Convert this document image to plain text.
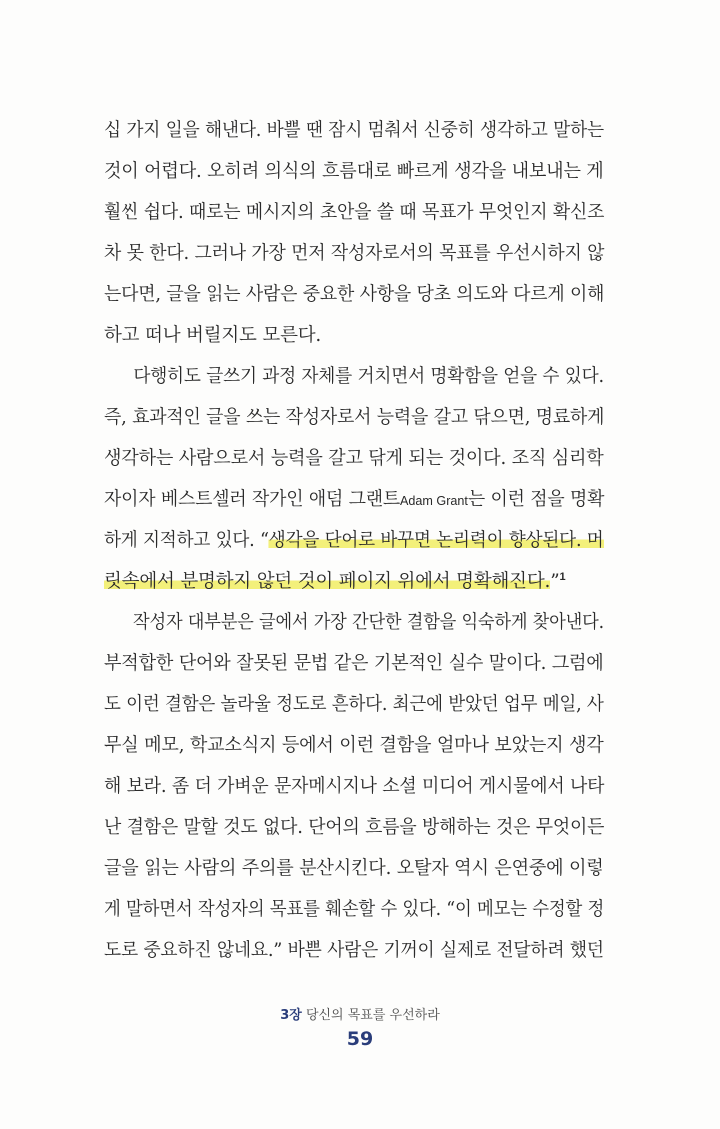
십 가지 일을 해낸다. 바쁠 땐 잠시 멈춰서 신중히 생각하고 말하는
것이 어렵다. 오히려 의식의 흐름대로 빠르게 생각을 내보내는 게
훨씬 쉽다. 때로는 메시지의 초안을 쓸 때 목표가 무엇인지 확신조
차 못 한다. 그러나 가장 먼저 작성자로서의 목표를 우선시하지 않
는다면, 글을 읽는 사람은 중요한 사항을 당초 의도와 다르게 이해
하고 떠나 버릴지도 모른다.
다행히도 글쓰기 과정 자체를 거치면서 명확함을 얻을 수 있다.
즉, 효과적인 글을 쓰는 작성자로서 능력을 갈고 닦으면, 명료하게
생각하는 사람으로서 능력을 갈고 닦게 되는 것이다. 조직 심리학
자이자 베스트셀러 작가인 애덤 그랜트Adam Grant는 이런 점을 명확
하게 지적하고 있다. “생각을 단어로 바꾸면 논리력이 향상된다. 머
릿속에서 분명하지 않던 것이 페이지 위에서 명확해진다.”$^1$
작성자 대부분은 글에서 가장 간단한 결함을 익숙하게 찾아낸다.
부적합한 단어와 잘못된 문법 같은 기본적인 실수 말이다. 그럼에
도 이런 결함은 놀라울 정도로 흔하다. 최근에 받았던 업무 메일, 사
무실 메모, 학교소식지 등에서 이런 결함을 얼마나 보았는지 생각
해 보라. 좀 더 가벼운 문자메시지나 소셜 미디어 게시물에서 나타
난 결함은 말할 것도 없다. 단어의 흐름을 방해하는 것은 무엇이든
글을 읽는 사람의 주의를 분산시킨다. 오탈자 역시 은연중에 이렇
게 말하면서 작성자의 목표를 훼손할 수 있다. “이 메모는 수정할 정
도로 중요하진 않네요.” 바쁜 사람은 기꺼이 실제로 전달하려 했던
3장 당신의 목표를 우선하라
59
